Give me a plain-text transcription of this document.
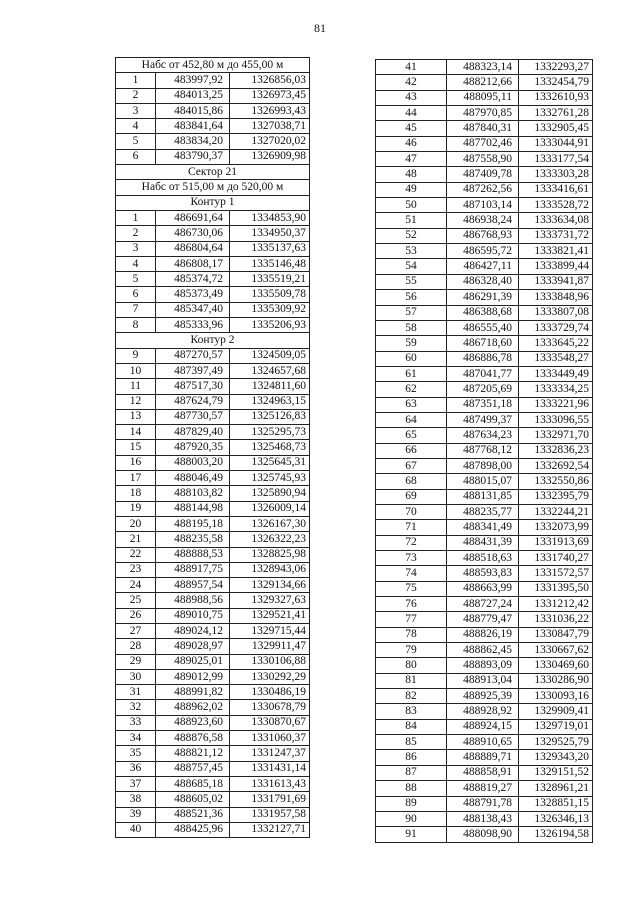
81
Набс от 452,80 м до 455,00 м		
1	483997,92	1326856,03
2	484013,25	1326973,45
3	484015,86	1326993,43
4	483841,64	1327038,71
5	483834,20	1327020,02
6	483790,37	1326909,98
Сектор 21		
Набс от 515,00 м до 520,00 м		
Контур 1		
1	486691,64	1334853,90
2	486730,06	1334950,37
3	486804,64	1335137,63
4	486808,17	1335146,48
5	485374,72	1335519,21
6	485373,49	1335509,78
7	485347,40	1335309,92
8	485333,96	1335206,93
Контур 2		
9	487270,57	1324509,05
10	487397,49	1324657,68
11	487517,30	1324811,60
12	487624,79	1324963,15
13	487730,57	1325126,83
14	487829,40	1325295,73
15	487920,35	1325468,73
16	488003,20	1325645,31
17	488046,49	1325745,93
18	488103,82	1325890,94
19	488144,98	1326009,14
20	488195,18	1326167,30
21	488235,58	1326322,23
22	488888,53	1328825,98
23	488917,75	1328943,06
24	488957,54	1329134,66
25	488988,56	1329327,63
26	489010,75	1329521,41
27	489024,12	1329715,44
28	489028,97	1329911,47
29	489025,01	1330106,88
30	489012,99	1330292,29
31	488991,82	1330486,19
32	488962,02	1330678,79
33	488923,60	1330870,67
34	488876,58	1331060,37
35	488821,12	1331247,37
36	488757,45	1331431,14
37	488685,18	1331613,43
38	488605,02	1331791,69
39	488521,36	1331957,58
40	488425,96	1332127,71
41	488323,14	1332293,27
42	488212,66	1332454,79
43	488095,11	1332610,93
44	487970,85	1332761,28
45	487840,31	1332905,45
46	487702,46	1333044,91
47	487558,90	1333177,54
48	487409,78	1333303,28
49	487262,56	1333416,61
50	487103,14	1333528,72
51	486938,24	1333634,08
52	486768,93	1333731,72
53	486595,72	1333821,41
54	486427,11	1333899,44
55	486328,40	1333941,87
56	486291,39	1333848,96
57	486388,68	1333807,08
58	486555,40	1333729,74
59	486718,60	1333645,22
60	486886,78	1333548,27
61	487041,77	1333449,49
62	487205,69	1333334,25
63	487351,18	1333221,96
64	487499,37	1333096,55
65	487634,23	1332971,70
66	487768,12	1332836,23
67	487898,00	1332692,54
68	488015,07	1332550,86
69	488131,85	1332395,79
70	488235,77	1332244,21
71	488341,49	1332073,99
72	488431,39	1331913,69
73	488518,63	1331740,27
74	488593,83	1331572,57
75	488663,99	1331395,50
76	488727,24	1331212,42
77	488779,47	1331036,22
78	488826,19	1330847,79
79	488862,45	1330667,62
80	488893,09	1330469,60
81	488913,04	1330286,90
82	488925,39	1330093,16
83	488928,92	1329909,41
84	488924,15	1329719,01
85	488910,65	1329525,79
86	488889,71	1329343,20
87	488858,91	1329151,52
88	488819,27	1328961,21
89	488791,78	1328851,15
90	488138,43	1326346,13
91	488098,90	1326194,58
